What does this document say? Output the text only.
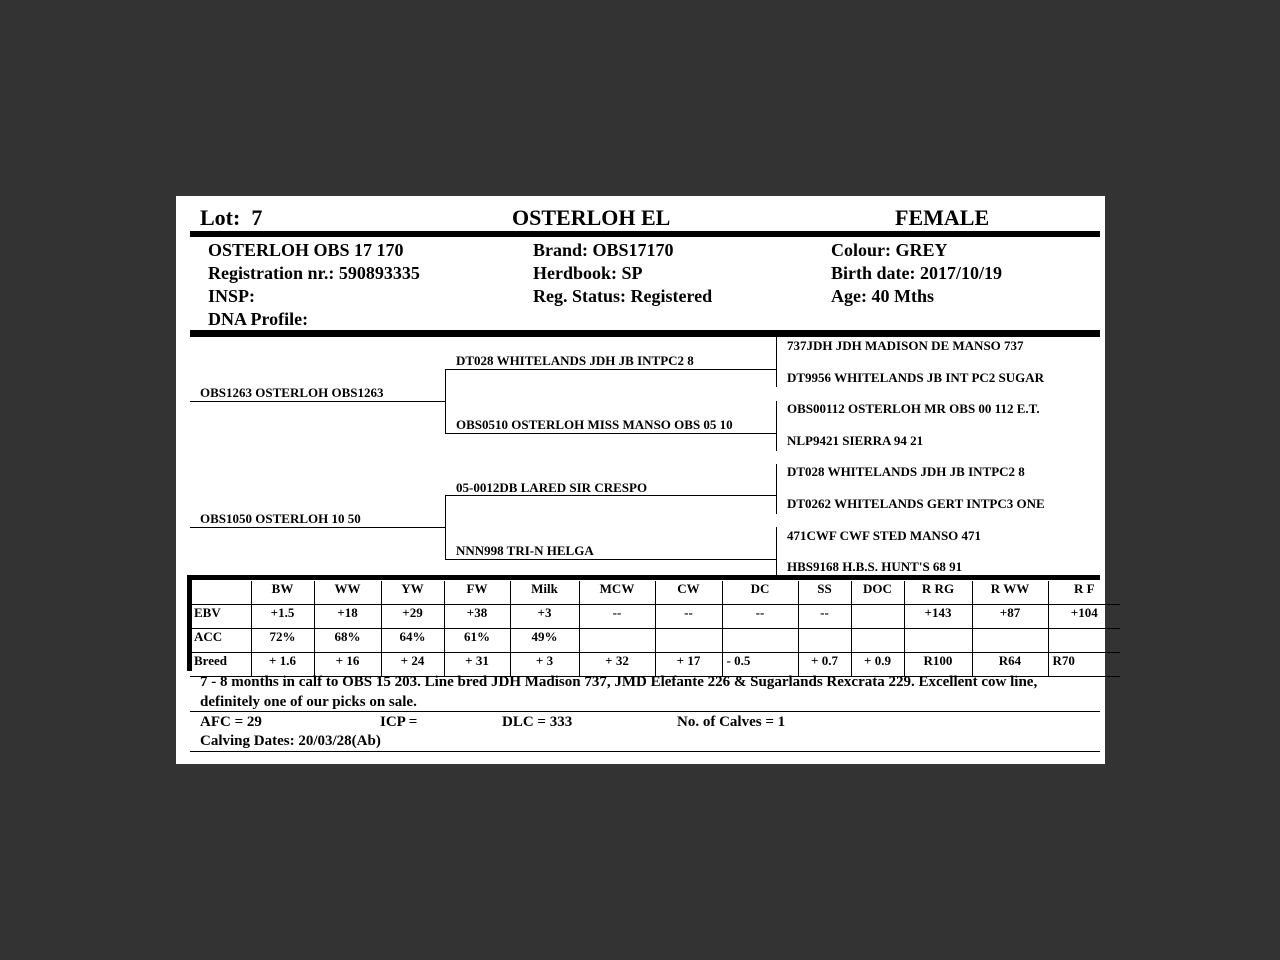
Lot: 7	OSTERLOH EL	FEMALE
OSTERLOH OBS 17 170
Registration nr.: 590893335
INSP:
DNA Profile:
Brand: OBS17170
Herdbook: SP
Reg. Status: Registered
Colour: GREY
Birth date: 2017/10/19
Age: 40 Mths
OBS1263 OSTERLOH OBS1263
OBS1050 OSTERLOH 10 50
DT028 WHITELANDS JDH JB INTPC2 8
OBS0510 OSTERLOH MISS MANSO OBS 05 10
05-0012DB LARED SIR CRESPO
NNN998 TRI-N HELGA
737JDH JDH MADISON DE MANSO 737
DT9956 WHITELANDS JB INT PC2 SUGAR
OBS00112 OSTERLOH MR OBS 00 112 E.T.
NLP9421 SIERRA 94 21
DT028 WHITELANDS JDH JB INTPC2 8
DT0262 WHITELANDS GERT INTPC3 ONE
471CWF CWF STED MANSO 471
HBS9168 H.B.S. HUNT'S 68 91
	BW	WW	YW	FW	Milk	MCW	CW	DC	SS	DOC	R RG	R WW	R F
EBV	+1.5	+18	+29	+38	+3	--	--	--	--		+143	+87	+104
ACC	72%	68%	64%	61%	49%								
Breed	+ 1.6	+ 16	+ 24	+ 31	+ 3	+ 32	+ 17	- 0.5	+ 0.7	+ 0.9	R100	R64	R70
7 - 8 months in calf to OBS 15 203. Line bred JDH Madison 737, JMD Elefante 226 & Sugarlands Rexcrata 229. Excellent cow line, definitely one of our picks on sale.
AFC = 29	ICP =	DLC = 333	No. of Calves = 1
Calving Dates: 20/03/28(Ab)
